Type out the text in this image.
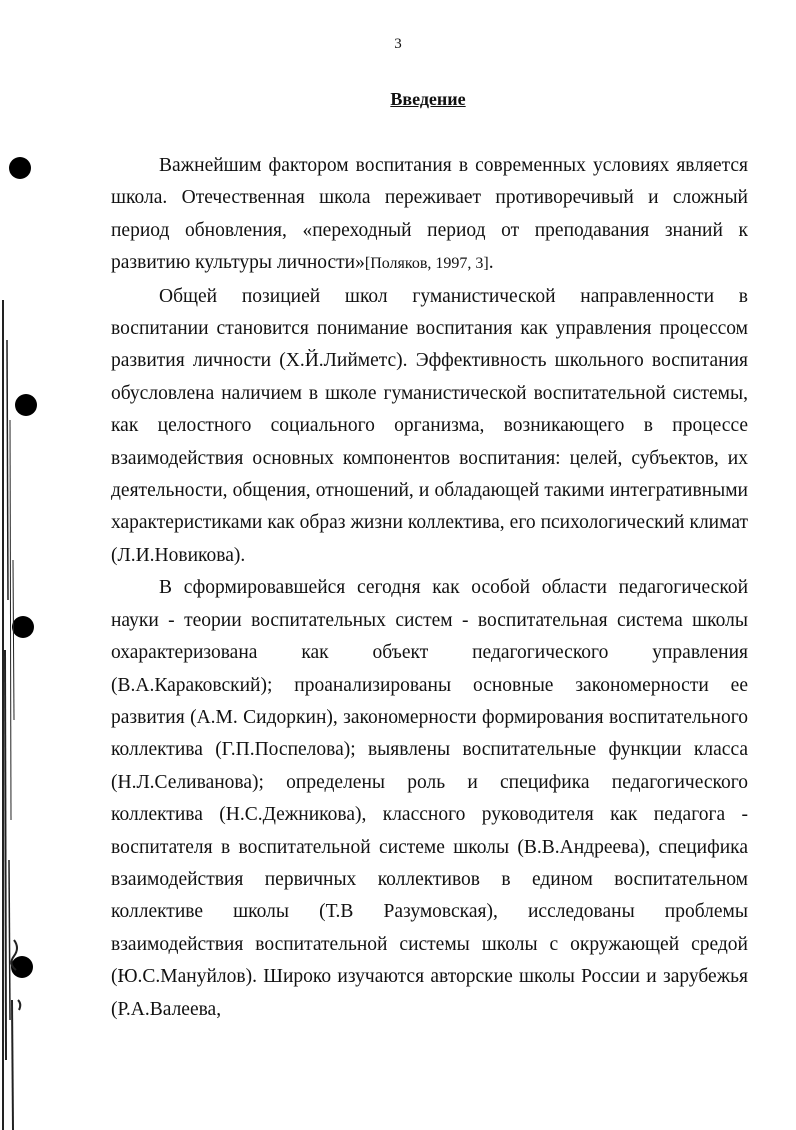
3
Введение

Важнейшим фактором воспитания в современных условиях является школа. Отечественная школа переживает противоречивый и сложный период обновления, «переходный период от преподавания знаний к развитию культуры личности»[Поляков, 1997, 3].

Общей позицией школ гуманистической направленности в воспитании становится понимание воспитания как управления процессом развития личности (Х.Й.Лийметс). Эффективность школьного воспитания обусловлена наличием в школе гуманистической воспитательной системы, как целостного социального организма, возникающего в процессе взаимодействия основных компонентов воспитания: целей, субъектов, их деятельности, общения, отношений, и обладающей такими интегративными характеристиками как образ жизни коллектива, его психологический климат (Л.И.Новикова).

В сформировавшейся сегодня как особой области педагогической науки - теории воспитательных систем - воспитательная система школы охарактеризована как объект педагогического управления (В.А.Караковский); проанализированы основные закономерности ее развития (А.М. Сидоркин), закономерности формирования воспитательного коллектива (Г.П.Поспелова); выявлены воспитательные функции класса (Н.Л.Селиванова); определены роль и специфика педагогического коллектива (Н.С.Дежникова), классного руководителя как педагога - воспитателя в воспитательной системе школы (В.В.Андреева), специфика взаимодействия первичных коллективов в едином воспитательном коллективе школы (Т.В Разумовская), исследованы проблемы взаимодействия воспитательной системы школы с окружающей средой (Ю.С.Мануйлов). Широко изучаются авторские школы России и зарубежья (Р.А.Валеева,
